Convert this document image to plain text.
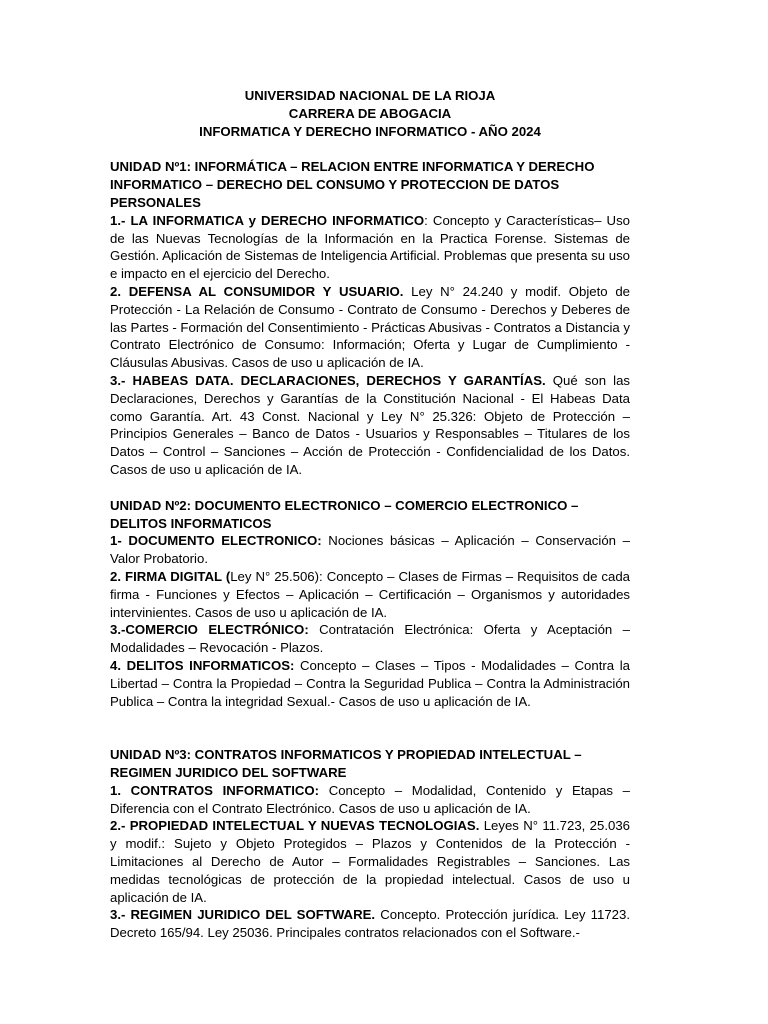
UNIVERSIDAD NACIONAL DE LA RIOJA
CARRERA DE ABOGACIA
INFORMATICA Y DERECHO INFORMATICO - AÑO 2024
UNIDAD Nº1: INFORMÁTICA – RELACION ENTRE INFORMATICA Y DERECHO INFORMATICO – DERECHO DEL CONSUMO Y PROTECCION DE DATOS PERSONALES
1.- LA INFORMATICA y DERECHO INFORMATICO: Concepto y Características– Uso de las Nuevas Tecnologías de la Información en la Practica Forense. Sistemas de Gestión. Aplicación de Sistemas de Inteligencia Artificial. Problemas que presenta su uso e impacto en el ejercicio del Derecho.
2. DEFENSA AL CONSUMIDOR Y USUARIO. Ley N° 24.240 y modif. Objeto de Protección - La Relación de Consumo - Contrato de Consumo - Derechos y Deberes de las Partes - Formación del Consentimiento - Prácticas Abusivas - Contratos a Distancia y Contrato Electrónico de Consumo: Información; Oferta y Lugar de Cumplimiento - Cláusulas Abusivas. Casos de uso u aplicación de IA.
3.- HABEAS DATA. DECLARACIONES, DERECHOS Y GARANTÍAS. Qué son las Declaraciones, Derechos y Garantías de la Constitución Nacional - El Habeas Data como Garantía. Art. 43 Const. Nacional y Ley N° 25.326: Objeto de Protección – Principios Generales – Banco de Datos - Usuarios y Responsables – Titulares de los Datos – Control – Sanciones – Acción de Protección - Confidencialidad de los Datos. Casos de uso u aplicación de IA.
UNIDAD Nº2: DOCUMENTO ELECTRONICO – COMERCIO ELECTRONICO – DELITOS INFORMATICOS
1- DOCUMENTO ELECTRONICO: Nociones básicas – Aplicación – Conservación – Valor Probatorio.
2. FIRMA DIGITAL (Ley N° 25.506): Concepto – Clases de Firmas – Requisitos de cada firma - Funciones y Efectos – Aplicación – Certificación – Organismos y autoridades intervinientes. Casos de uso u aplicación de IA.
3.-COMERCIO ELECTRÓNICO: Contratación Electrónica: Oferta y Aceptación – Modalidades – Revocación - Plazos.
4. DELITOS INFORMATICOS: Concepto – Clases – Tipos - Modalidades – Contra la Libertad – Contra la Propiedad – Contra la Seguridad Publica – Contra la Administración Publica – Contra la integridad Sexual.- Casos de uso u aplicación de IA.
UNIDAD Nº3: CONTRATOS INFORMATICOS Y PROPIEDAD INTELECTUAL – REGIMEN JURIDICO DEL SOFTWARE
1. CONTRATOS INFORMATICO: Concepto – Modalidad, Contenido y Etapas – Diferencia con el Contrato Electrónico. Casos de uso u aplicación de IA.
2.- PROPIEDAD INTELECTUAL Y NUEVAS TECNOLOGIAS. Leyes N° 11.723, 25.036 y modif.: Sujeto y Objeto Protegidos – Plazos y Contenidos de la Protección - Limitaciones al Derecho de Autor – Formalidades Registrables – Sanciones. Las medidas tecnológicas de protección de la propiedad intelectual. Casos de uso u aplicación de IA.
3.- REGIMEN JURIDICO DEL SOFTWARE. Concepto. Protección jurídica. Ley 11723. Decreto 165/94. Ley 25036. Principales contratos relacionados con el Software.-
